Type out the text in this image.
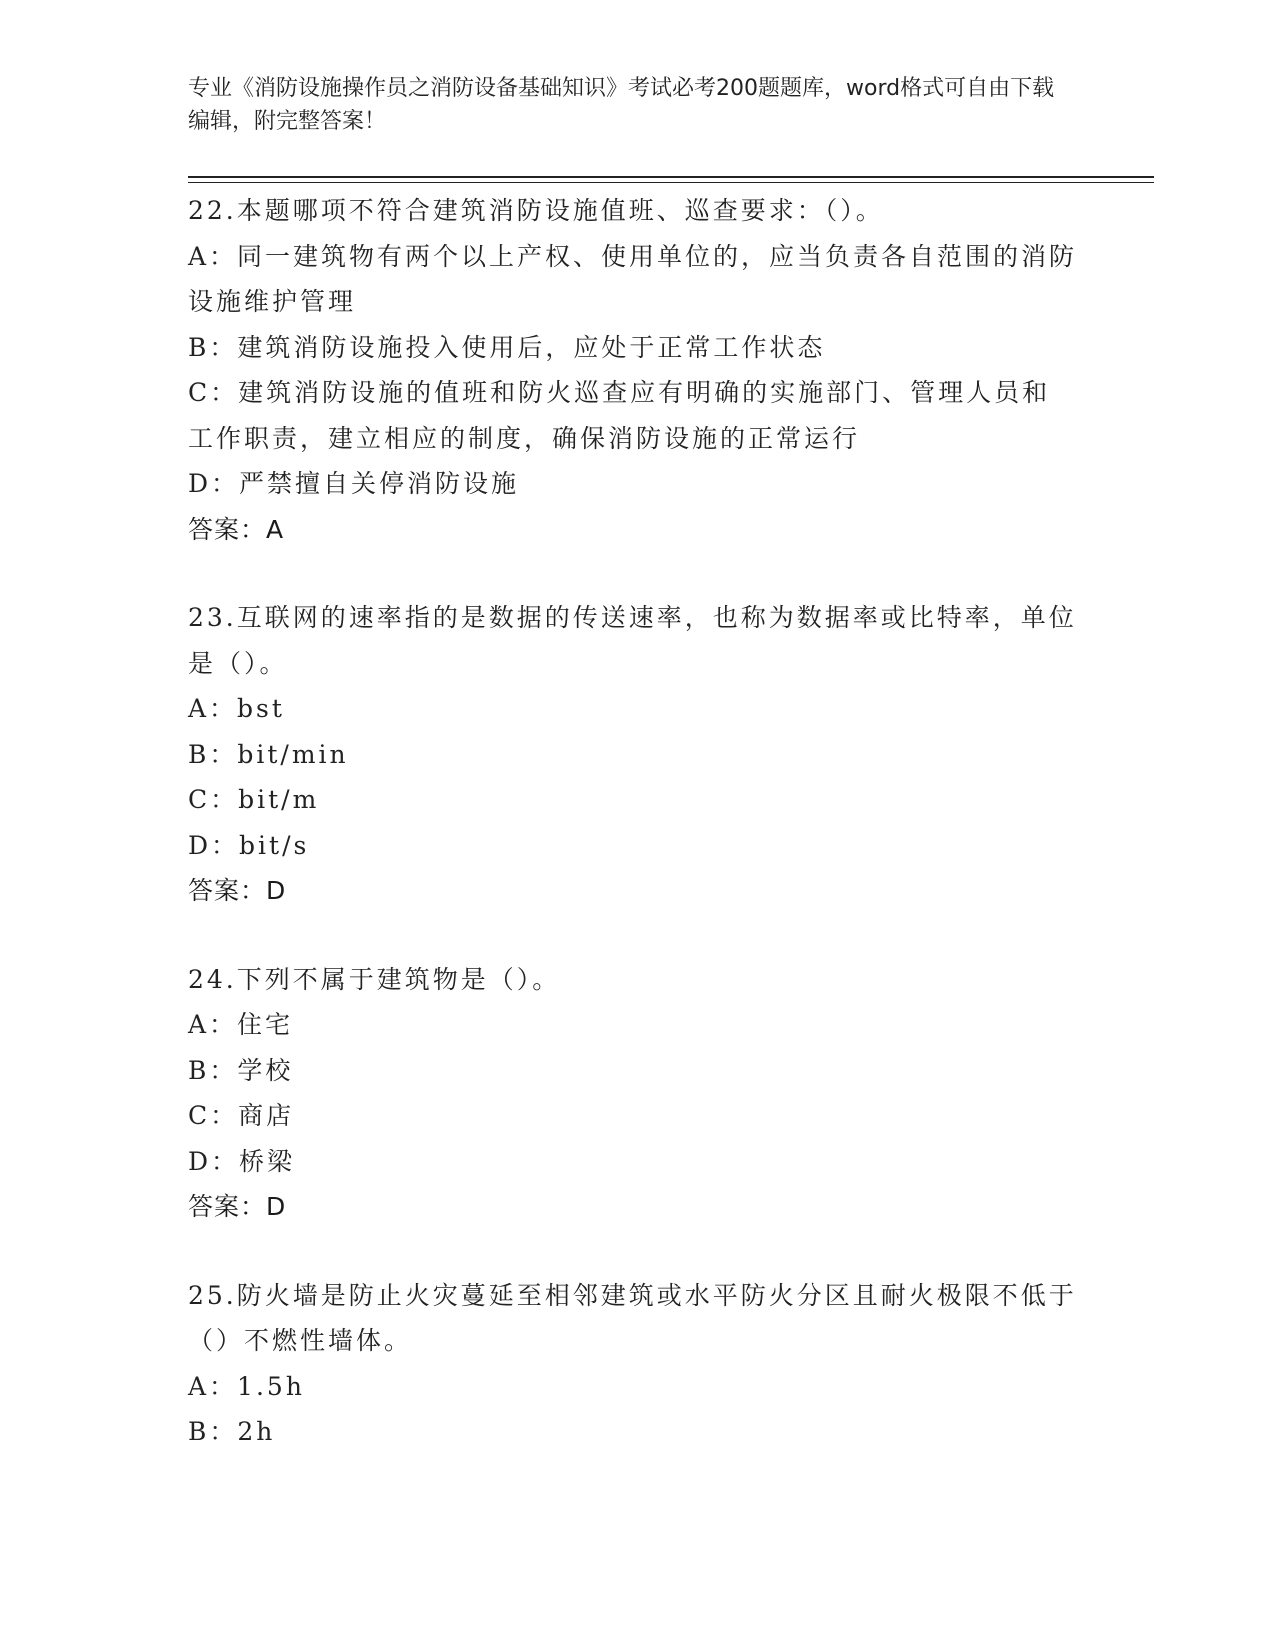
专业《消防设施操作员之消防设备基础知识》考试必考200题题库，word格式可自由下载编辑，附完整答案！

22.本题哪项不符合建筑消防设施值班、巡查要求：（）。

A：同一建筑物有两个以上产权、使用单位的，应当负责各自范围的消防设施维护管理

B：建筑消防设施投入使用后，应处于正常工作状态

C：建筑消防设施的值班和防火巡查应有明确的实施部门、管理人员和工作职责，建立相应的制度，确保消防设施的正常运行

D：严禁擅自关停消防设施

答案：A

23.互联网的速率指的是数据的传送速率，也称为数据率或比特率，单位是（）。

A：bst

B：bit/min

C：bit/m

D：bit/s

答案：D

24.下列不属于建筑物是（）。

A：住宅

B：学校

C：商店

D：桥梁

答案：D

25.防火墙是防止火灾蔓延至相邻建筑或水平防火分区且耐火极限不低于（）不燃性墙体。

A：1.5h

B：2h
